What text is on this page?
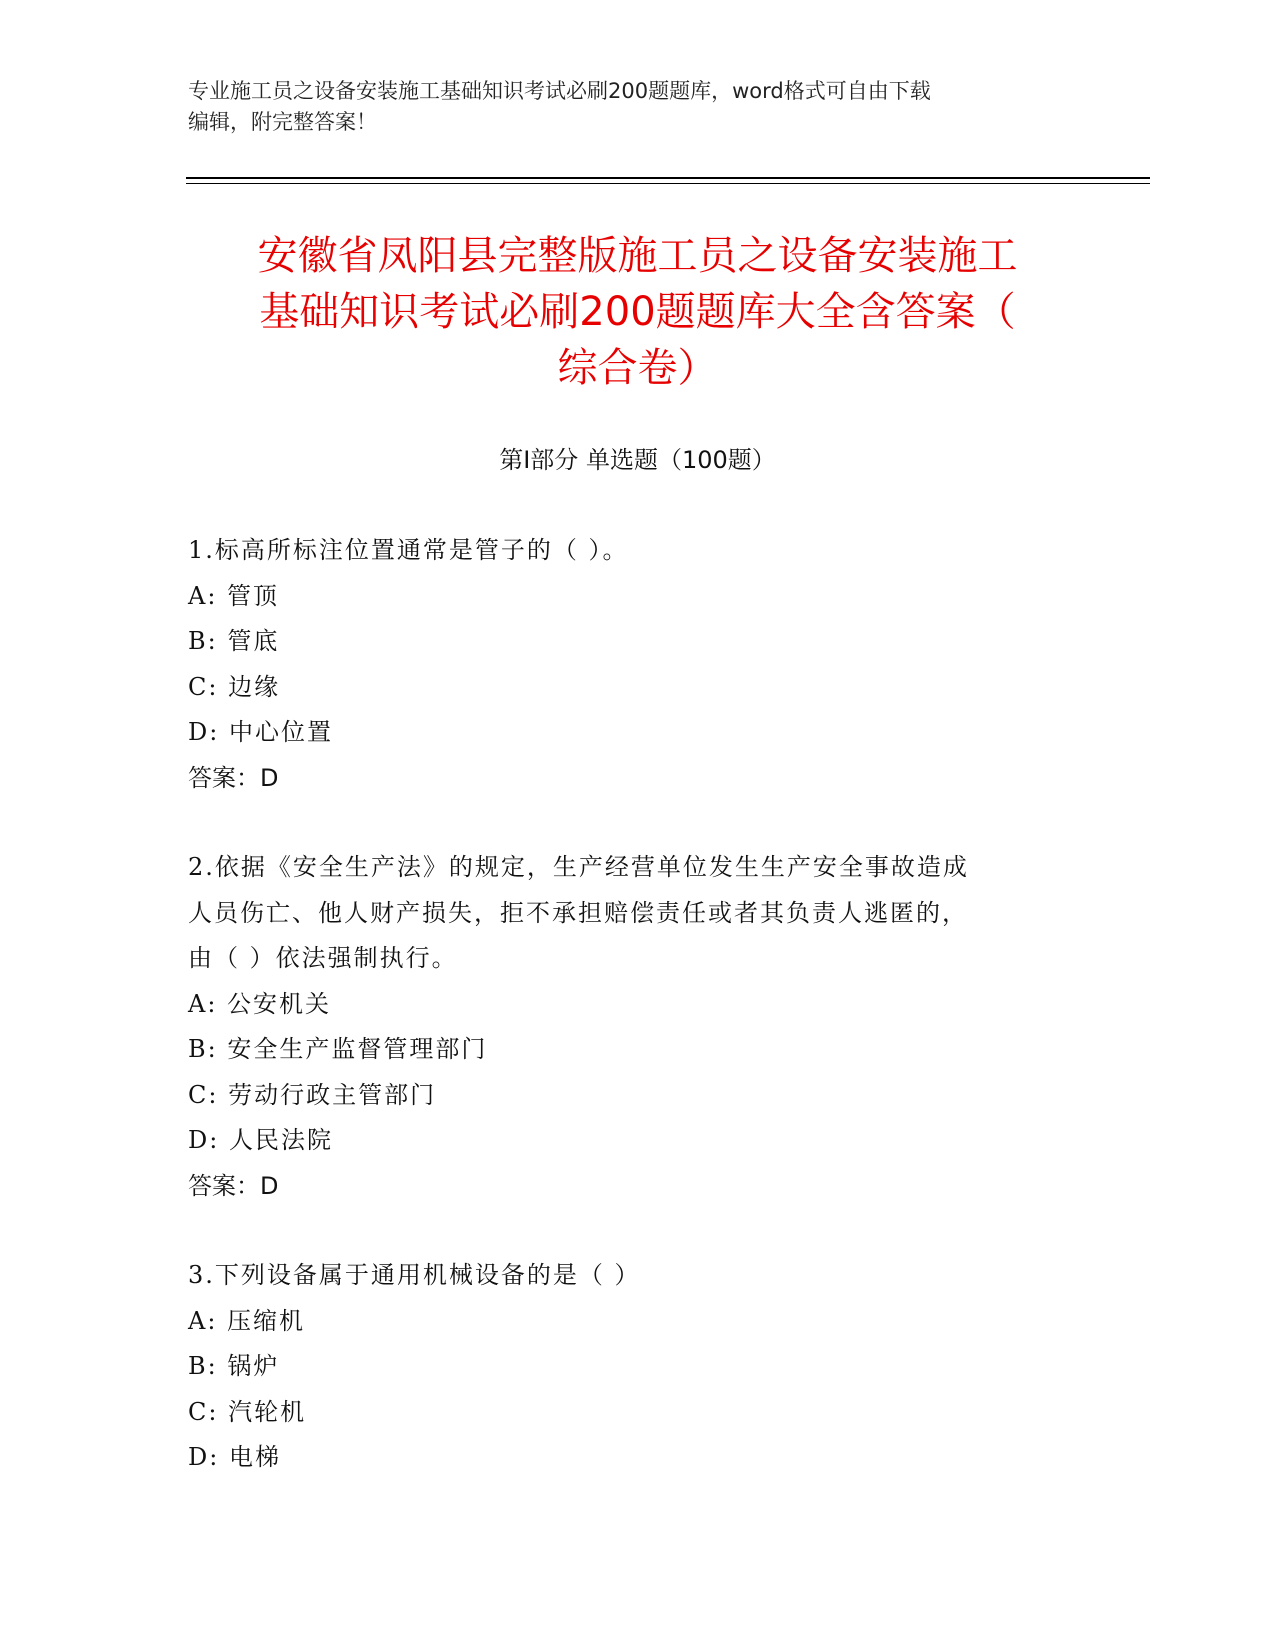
专业施工员之设备安装施工基础知识考试必刷200题题库，word格式可自由下载
编辑，附完整答案！
安徽省凤阳县完整版施工员之设备安装施工
基础知识考试必刷200题题库大全含答案（
综合卷）
第Ⅰ部分 单选题（100题）
1.标高所标注位置通常是管子的（ ）。
A: 管顶
B: 管底
C: 边缘
D: 中心位置
答案：D
2.依据《安全生产法》的规定，生产经营单位发生生产安全事故造成
人员伤亡、他人财产损失，拒不承担赔偿责任或者其负责人逃匿的，
由（ ）依法强制执行。
A: 公安机关
B: 安全生产监督管理部门
C: 劳动行政主管部门
D: 人民法院
答案：D
3.下列设备属于通用机械设备的是（ ）
A: 压缩机
B: 锅炉
C: 汽轮机
D: 电梯
